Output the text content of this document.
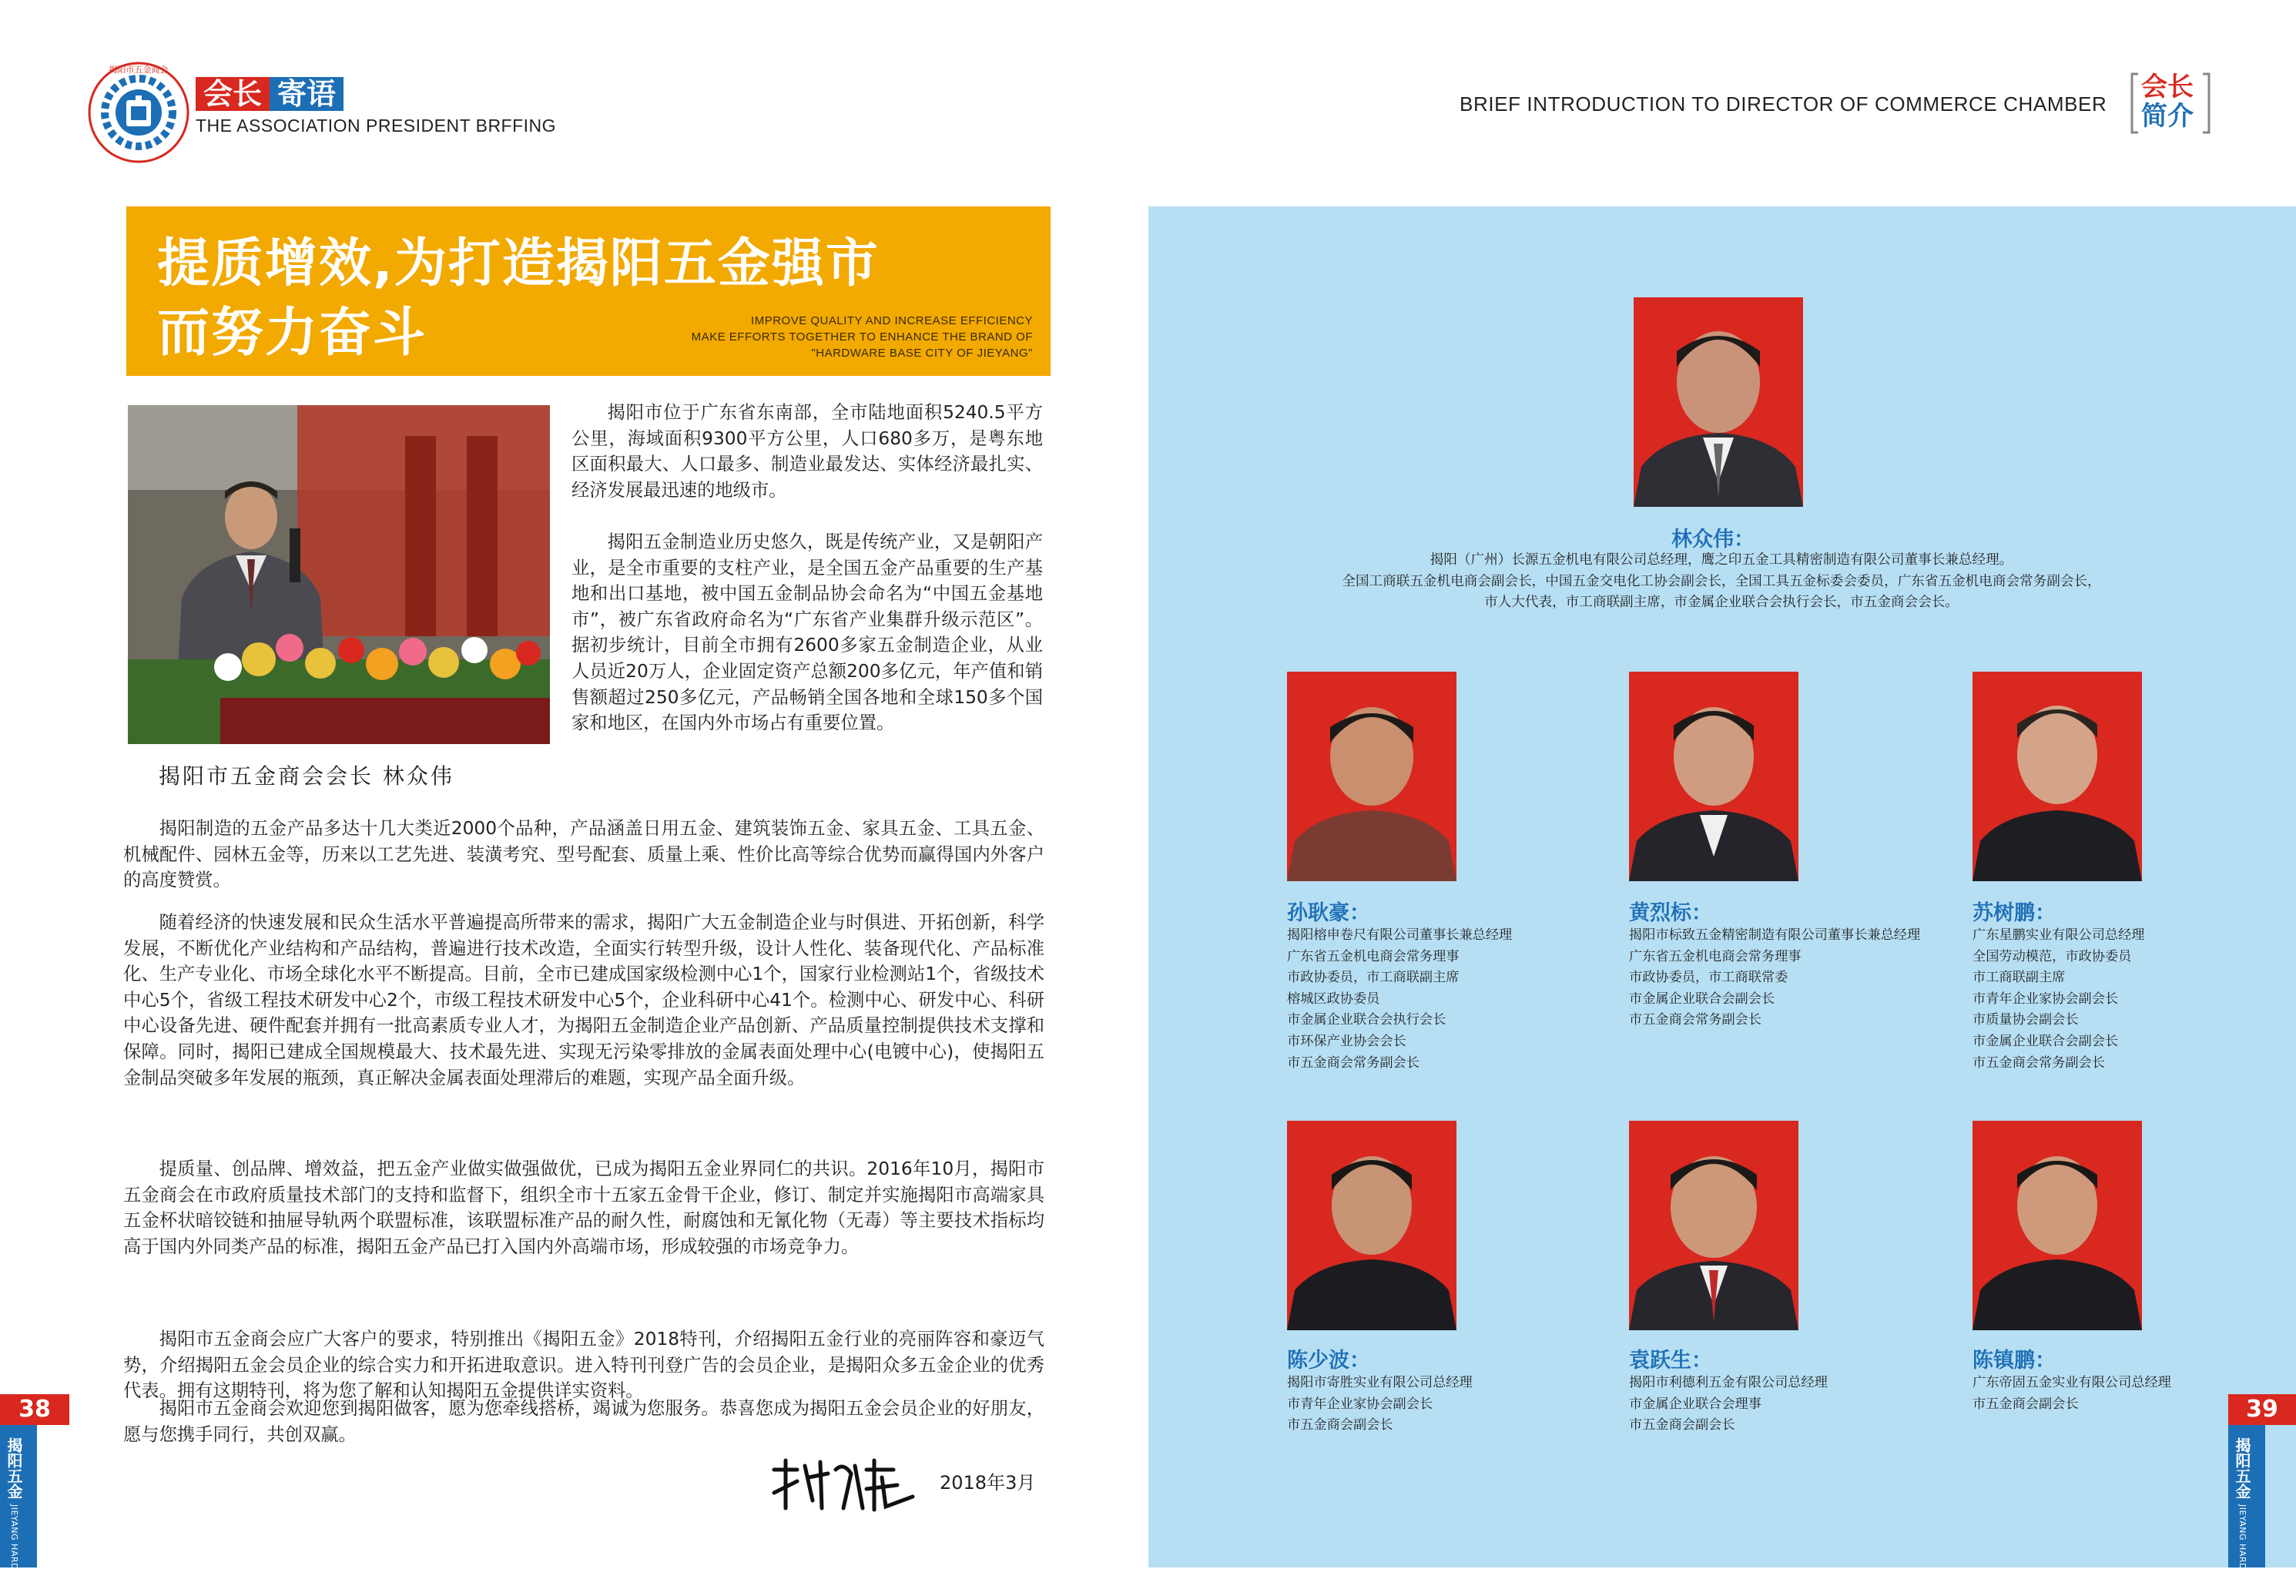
揭阳市五金商会
会长 寄语
THE ASSOCIATION PRESIDENT BRFFING
BRIEF INTRODUCTION TO DIRECTOR OF COMMERCE CHAMBER
会长
简介
提质增效,为打造揭阳五金强市
而努力奋斗	IMPROVE QUALITY AND INCREASE EFFICIENCY
MAKE EFFORTS TOGETHER TO ENHANCE THE BRAND OF
"HARDWARE BASE CITY OF JIEYANG"
揭阳市五金商会会长 林众伟

揭阳市位于广东省东南部，全市陆地面积5240.5平方公里，海域面积9300平方公里，人口680多万，是粤东地区面积最大、人口最多、制造业最发达、实体经济最扎实、经济发展最迅速的地级市。

揭阳五金制造业历史悠久，既是传统产业，又是朝阳产业，是全市重要的支柱产业，是全国五金产品重要的生产基地和出口基地，被中国五金制品协会命名为“中国五金基地市”，被广东省政府命名为“广东省产业集群升级示范区”。据初步统计，目前全市拥有2600多家五金制造企业，从业人员近20万人，企业固定资产总额200多亿元，年产值和销售额超过250多亿元，产品畅销全国各地和全球150多个国家和地区，在国内外市场占有重要位置。

揭阳制造的五金产品多达十几大类近2000个品种，产品涵盖日用五金、建筑装饰五金、家具五金、工具五金、机械配件、园林五金等，历来以工艺先进、装潢考究、型号配套、质量上乘、性价比高等综合优势而赢得国内外客户的高度赞赏。

随着经济的快速发展和民众生活水平普遍提高所带来的需求，揭阳广大五金制造企业与时俱进、开拓创新，科学发展，不断优化产业结构和产品结构，普遍进行技术改造，全面实行转型升级，设计人性化、装备现代化、产品标准化、生产专业化、市场全球化水平不断提高。目前，全市已建成国家级检测中心1个，国家行业检测站1个，省级技术中心5个，省级工程技术研发中心2个，市级工程技术研发中心5个，企业科研中心41个。检测中心、研发中心、科研中心设备先进、硬件配套并拥有一批高素质专业人才，为揭阳五金制造企业产品创新、产品质量控制提供技术支撑和保障。同时，揭阳已建成全国规模最大、技术最先进、实现无污染零排放的金属表面处理中心(电镀中心)，使揭阳五金制品突破多年发展的瓶颈，真正解决金属表面处理滞后的难题，实现产品全面升级。

提质量、创品牌、增效益，把五金产业做实做强做优，已成为揭阳五金业界同仁的共识。2016年10月，揭阳市五金商会在市政府质量技术部门的支持和监督下，组织全市十五家五金骨干企业，修订、制定并实施揭阳市高端家具五金杯状暗铰链和抽屉导轨两个联盟标准，该联盟标准产品的耐久性，耐腐蚀和无氰化物（无毒）等主要技术指标均高于国内外同类产品的标准，揭阳五金产品已打入国内外高端市场，形成较强的市场竞争力。

揭阳市五金商会应广大客户的要求，特别推出《揭阳五金》2018特刊，介绍揭阳五金行业的亮丽阵容和豪迈气势，介绍揭阳五金会员企业的综合实力和开拓进取意识。进入特刊刊登广告的会员企业，是揭阳众多五金企业的优秀代表。拥有这期特刊，将为您了解和认知揭阳五金提供详实资料。

揭阳市五金商会欢迎您到揭阳做客，愿为您牵线搭桥，竭诚为您服务。恭喜您成为揭阳五金会员企业的好朋友，愿与您携手同行，共创双赢。

2018年3月
38
揭阳五金 JIEYANG HARDWARE
39
揭阳五金 JIEYANG HARDWARE
林众伟：
揭阳（广州）长源五金机电有限公司总经理，鹰之印五金工具精密制造有限公司董事长兼总经理。
全国工商联五金机电商会副会长，中国五金交电化工协会副会长，全国工具五金标委会委员，广东省五金机电商会常务副会长，
市人大代表，市工商联副主席，市金属企业联合会执行会长，市五金商会会长。
孙耿豪：
揭阳榕申卷尺有限公司董事长兼总经理
广东省五金机电商会常务理事
市政协委员，市工商联副主席
榕城区政协委员
市金属企业联合会执行会长
市环保产业协会会长
市五金商会常务副会长
黄烈标：
揭阳市标致五金精密制造有限公司董事长兼总经理
广东省五金机电商会常务理事
市政协委员，市工商联常委
市金属企业联合会副会长
市五金商会常务副会长
苏树鹏：
广东星鹏实业有限公司总经理
全国劳动模范，市政协委员
市工商联副主席
市青年企业家协会副会长
市质量协会副会长
市金属企业联合会副会长
市五金商会常务副会长
陈少波：
揭阳市寄胜实业有限公司总经理
市青年企业家协会副会长
市五金商会副会长
袁跃生：
揭阳市利德利五金有限公司总经理
市金属企业联合会理事
市五金商会副会长
陈镇鹏：
广东帝固五金实业有限公司总经理
市五金商会副会长
